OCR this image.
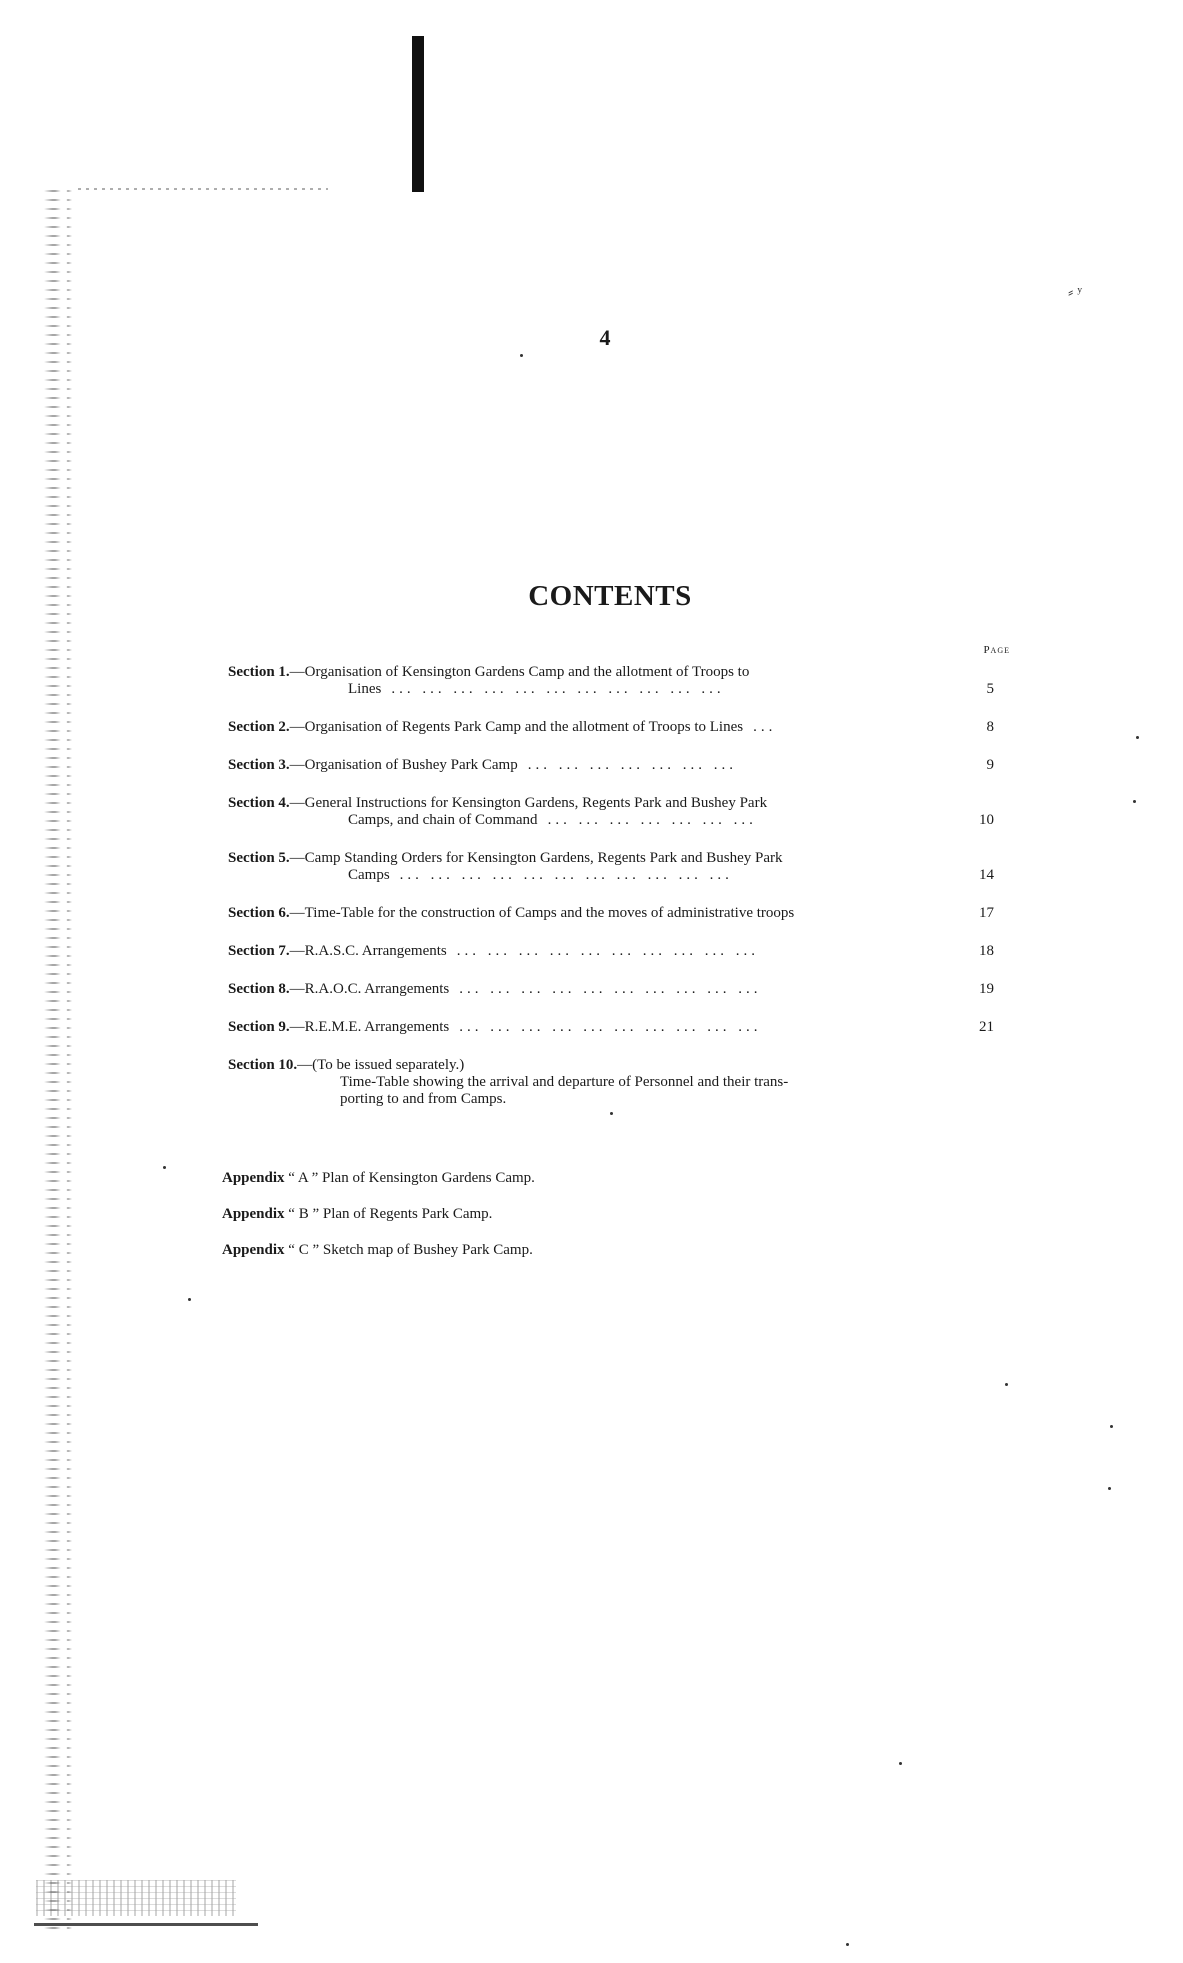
⸗ ʸ
4
CONTENTS
Page
Section 1.—Organisation of Kensington Gardens Camp and the allotment of Troops to
Lines ... ... ... ... ... ... ... ... ... ... ...	5
Section 2.—Organisation of Regents Park Camp and the allotment of Troops to Lines ...	8
Section 3.—Organisation of Bushey Park Camp ... ... ... ... ... ... ...	9
Section 4.—General Instructions for Kensington Gardens, Regents Park and Bushey Park
Camps, and chain of Command ... ... ... ... ... ... ...	10
Section 5.—Camp Standing Orders for Kensington Gardens, Regents Park and Bushey Park
Camps ... ... ... ... ... ... ... ... ... ... ...	14
Section 6.—Time-Table for the construction of Camps and the moves of administrative troops	17
Section 7.—R.A.S.C. Arrangements ... ... ... ... ... ... ... ... ... ...	18
Section 8.—R.A.O.C. Arrangements ... ... ... ... ... ... ... ... ... ...	19
Section 9.—R.E.M.E. Arrangements ... ... ... ... ... ... ... ... ... ...	21
Section 10.—(To be issued separately.)
Time-Table showing the arrival and departure of Personnel and their trans-
porting to and from Camps.
Appendix “ A ” Plan of Kensington Gardens Camp.
Appendix “ B ” Plan of Regents Park Camp.
Appendix “ C ” Sketch map of Bushey Park Camp.
